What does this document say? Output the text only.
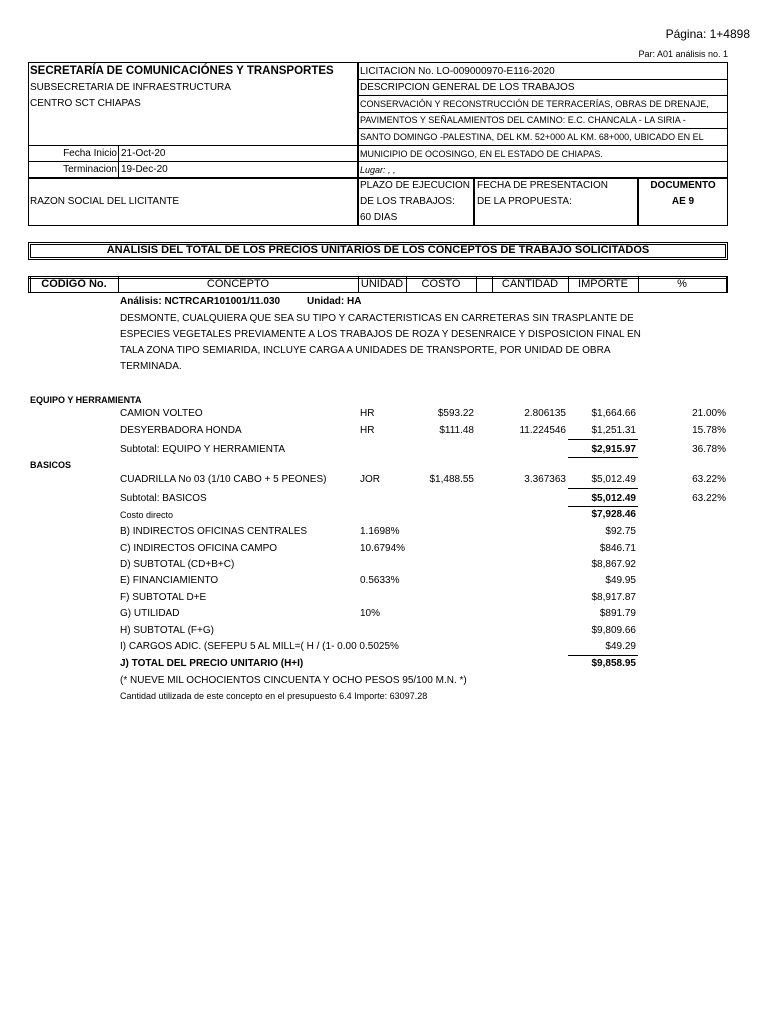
Página: 1+4898
Par: A01 análisis no. 1
SECRETARÍA DE COMUNICACIÓNES Y TRANSPORTES
SUBSECRETARIA DE INFRAESTRUCTURA
CENTRO SCT CHIAPAS
Fecha Inicio 21-Oct-20
Terminacion 19-Dec-20
LICITACION No. LO-009000970-E116-2020
DESCRIPCION GENERAL DE LOS TRABAJOS
CONSERVACIÓN Y RECONSTRUCCIÓN DE TERRACERÍAS, OBRAS DE DRENAJE,
PAVIMENTOS Y SEÑALAMIENTOS DEL CAMINO: E.C. CHANCALA - LA SIRIA -
SANTO DOMINGO -PALESTINA, DEL KM. 52+000 AL KM. 68+000, UBICADO EN EL
MUNICIPIO DE OCOSINGO, EN EL ESTADO DE CHIAPAS.
Lugar: , ,
RAZON SOCIAL DEL LICITANTE
PLAZO DE EJECUCION
DE LOS TRABAJOS:
60 DIAS
FECHA DE PRESENTACION
DE LA PROPUESTA:
DOCUMENTO
AE 9
ANALISIS DEL TOTAL DE LOS PRECIOS UNITARIOS DE LOS CONCEPTOS DE TRABAJO SOLICITADOS
CODIGO No.	CONCEPTO	UNIDAD	COSTO	CANTIDAD	IMPORTE	%
Análisis: NCTRCAR101001/11.030	Unidad: HA
DESMONTE, CUALQUIERA QUE SEA SU TIPO Y CARACTERISTICAS EN CARRETERAS SIN TRASPLANTE DE
ESPECIES VEGETALES PREVIAMENTE A LOS TRABAJOS DE ROZA Y DESENRAICE Y DISPOSICION FINAL EN
TALA ZONA TIPO SEMIARIDA, INCLUYE CARGA A UNIDADES DE TRANSPORTE, POR UNIDAD DE OBRA
TERMINADA.
EQUIPO Y HERRAMIENTA
CAMION VOLTEO	HR	$593.22	2.806135	$1,664.66	21.00%
DESYERBADORA HONDA	HR	$111.48	11.224546	$1,251.31	15.78%
Subtotal: EQUIPO Y HERRAMIENTA	$2,915.97	36.78%
BASICOS
CUADRILLA No 03 (1/10 CABO + 5 PEONES)	JOR	$1,488.55	3.367363	$5,012.49	63.22%
Subtotal: BASICOS	$5,012.49	63.22%
Costo directo	$7,928.46
B) INDIRECTOS OFICINAS CENTRALES	1.1698%	$92.75
C) INDIRECTOS OFICINA CAMPO	10.6794%	$846.71
D) SUBTOTAL (CD+B+C)	$8,867.92
E) FINANCIAMIENTO	0.5633%	$49.95
F) SUBTOTAL D+E	$8,917.87
G) UTILIDAD	10%	$891.79
H) SUBTOTAL (F+G)	$9,809.66
I) CARGOS ADIC. (SEFEPU 5 AL MILL=( H / (1- 0.00 0.5025%	$49.29
J) TOTAL DEL PRECIO UNITARIO (H+I)	$9,858.95
(* NUEVE MIL OCHOCIENTOS CINCUENTA Y OCHO PESOS 95/100 M.N. *)
Cantidad utilizada de este concepto en el presupuesto 6.4 Importe: 63097.28
